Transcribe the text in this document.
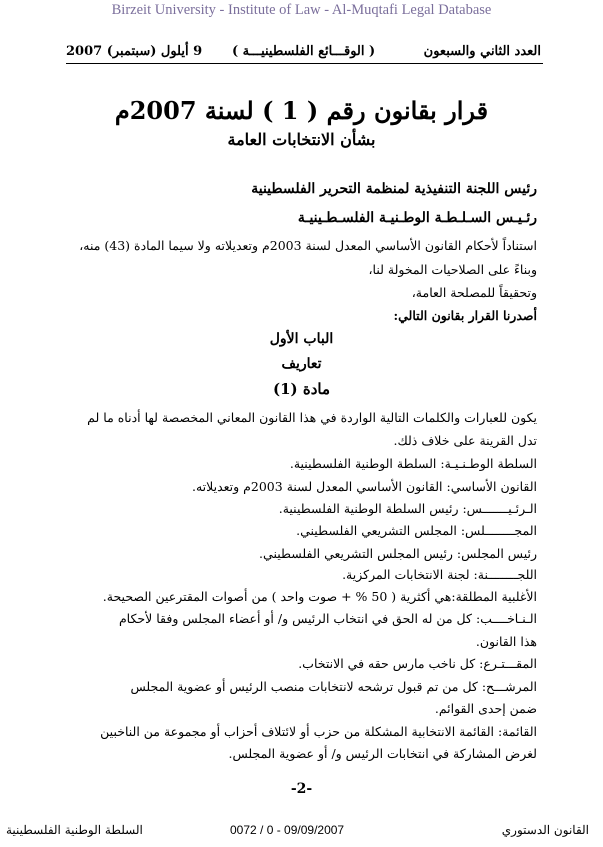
Birzeit University - Institute of Law - Al-Muqtafi Legal Database
العدد الثاني والسبعون
( الوقـــائع الفلسطينيـــة )
9 أيلول (سبتمبر) 2007
قرار بقانون رقم ( 1 ) لسنة 2007م
بشأن الانتخابات العامة
رئيس اللجنة التنفيذية لمنظمة التحرير الفلسطينية
رئـيـس السـلـطـة الوطـنيـة الفلسـطـينيـة
استناداً لأحكام القانون الأساسي المعدل لسنة 2003م وتعديلاته ولا سيما المادة (43) منه،
وبناءً على الصلاحيات المخولة لنا،
وتحقيقاً للمصلحة العامة،
أصدرنا القرار بقانون التالي:
الباب الأول
تعاريف
مادة (1)
يكون للعبارات والكلمات التالية الواردة في هذا القانون المعاني المخصصة لها أدناه ما لم
تدل القرينة على خلاف ذلك.
السلطة الوطـنـيـة: السلطة الوطنية الفلسطينية.
القانون الأساسي: القانون الأساسي المعدل لسنة 2003م وتعديلاته.
الـرئـيـــــــس: رئيس السلطة الوطنية الفلسطينية.
المجــــــــلس: المجلس التشريعي الفلسطيني.
رئيس المجلس: رئيس المجلس التشريعي الفلسطيني.
اللجــــــــنة: لجنة الانتخابات المركزية.
الأغلبية المطلقة:هي أكثرية ( 50 % + صوت واحد ) من أصوات المقترعين الصحيحة.
الـنـاخــــب: كل من له الحق في انتخاب الرئيس و/ أو أعضاء المجلس وفقا لأحكام
هذا القانون.
المقـــتـرع: كل ناخب مارس حقه في الانتخاب.
المرشـــح: كل من تم قبول ترشحه لانتخابات منصب الرئيس أو عضوية المجلس
ضمن إحدى القوائم.
القائمة: القائمة الانتخابية المشكلة من حزب أو لائتلاف أحزاب أو مجموعة من الناخبين
لغرض المشاركة في انتخابات الرئيس و/ أو عضوية المجلس.
-2-
السلطة الوطنية الفلسطينية	0072 / 0 - 09/09/2007	القانون الدستوري
